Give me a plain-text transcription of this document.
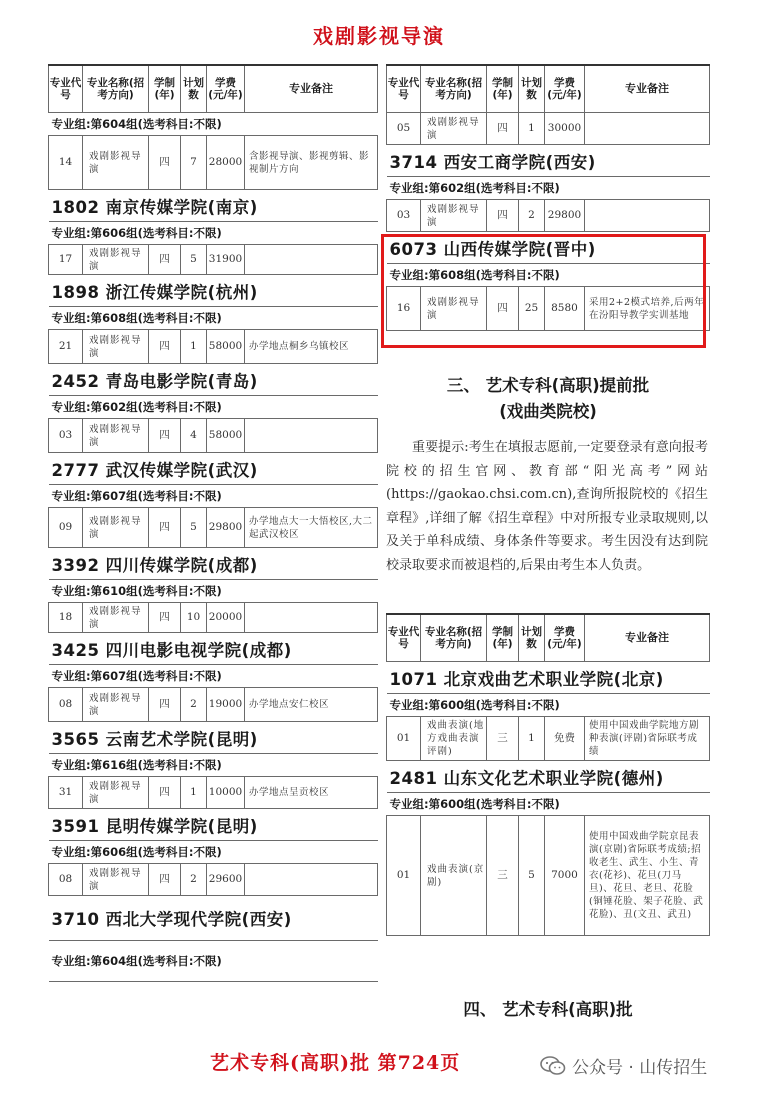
戏剧影视导演
专业代号	专业名称(招考方向)	学制(年)	计划数	学费(元/年)	专业备注
专业组:第604组(选考科目:不限)					
14	戏剧影视导演	四	7	28000	含影视导演、影视剪辑、影视制片方向
1802 南京传媒学院(南京)					
专业组:第606组(选考科目:不限)					
17	戏剧影视导演	四	5	31900	
1898 浙江传媒学院(杭州)					
专业组:第608组(选考科目:不限)					
21	戏剧影视导演	四	1	58000	办学地点桐乡乌镇校区
2452 青岛电影学院(青岛)					
专业组:第602组(选考科目:不限)					
03	戏剧影视导演	四	4	58000	
2777 武汉传媒学院(武汉)					
专业组:第607组(选考科目:不限)					
09	戏剧影视导演	四	5	29800	办学地点大一大悟校区,大二起武汉校区
3392 四川传媒学院(成都)					
专业组:第610组(选考科目:不限)					
18	戏剧影视导演	四	10	20000	
3425 四川电影电视学院(成都)					
专业组:第607组(选考科目:不限)					
08	戏剧影视导演	四	2	19000	办学地点安仁校区
3565 云南艺术学院(昆明)					
专业组:第616组(选考科目:不限)					
31	戏剧影视导演	四	1	10000	办学地点呈贡校区
3591 昆明传媒学院(昆明)					
专业组:第606组(选考科目:不限)					
08	戏剧影视导演	四	2	29600	
3710 西北大学现代学院(西安)					
专业组:第604组(选考科目:不限)					
专业代号	专业名称(招考方向)	学制(年)	计划数	学费(元/年)	专业备注
05	戏剧影视导演	四	1	30000	
3714 西安工商学院(西安)					
专业组:第602组(选考科目:不限)					
03	戏剧影视导演	四	2	29800	
6073 山西传媒学院(晋中)					
专业组:第608组(选考科目:不限)					
16	戏剧影视导演	四	25	8580	采用2+2模式培养,后两年在汾阳导教学实训基地
三、 艺术专科(高职)提前批
(戏曲类院校)
重要提示:考生在填报志愿前,一定要登录有意向报考院校的招生官网、教育部“阳光高考”网站(https://gaokao.chsi.com.cn),查询所报院校的《招生章程》,详细了解《招生章程》中对所报专业录取规则,以及关于单科成绩、身体条件等要求。考生因没有达到院校录取要求而被退档的,后果由考生本人负责。
专业代号	专业名称(招考方向)	学制(年)	计划数	学费(元/年)	专业备注
1071 北京戏曲艺术职业学院(北京)					
专业组:第600组(选考科目:不限)					
01	戏曲表演(地方戏曲表演评剧)	三	1	免费	使用中国戏曲学院地方剧种表演(评剧)省际联考成绩
2481 山东文化艺术职业学院(德州)					
专业组:第600组(选考科目:不限)					
01	戏曲表演(京剧)	三	5	7000	使用中国戏曲学院京昆表演(京剧)省际联考成绩;招收老生、武生、小生、青衣(花衫)、花旦(刀马旦)、花旦、老旦、花脸(铜锤花脸、架子花脸、武花脸)、丑(文丑、武丑)
四、 艺术专科(高职)批
艺术专科(高职)批 第724页	公众号 · 山传招生
